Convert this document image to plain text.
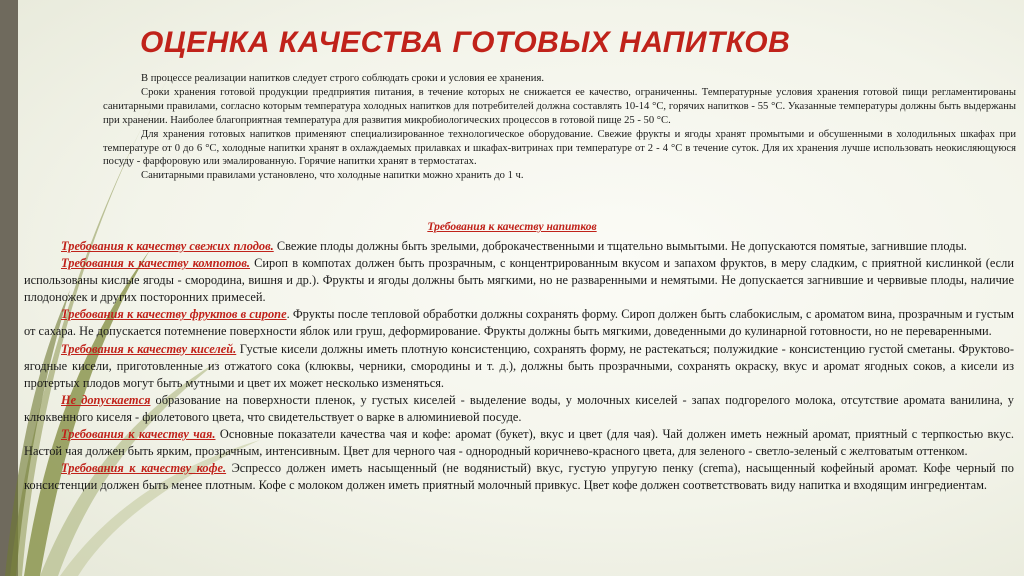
ОЦЕНКА КАЧЕСТВА ГОТОВЫХ НАПИТКОВ

В процессе реализации напитков следует строго соблюдать сроки и условия ее хранения.

Сроки хранения готовой продукции предприятия питания, в течение которых не снижается ее качество, ограниченны. Температурные условия хранения готовой пищи регламентированы санитарными правилами, согласно которым температура холодных напитков для потребителей должна составлять 10-14 °С, горячих напитков - 55 °С. Указанные температуры должны быть выдержаны при хранении. Наиболее благоприятная температура для развития микробиологических процессов в готовой пище 25 - 50 °С.

Для хранения готовых напитков применяют специализированное технологическое оборудование. Свежие фрукты и ягоды хранят промытыми и обсушенными в холодильных шкафах при температуре от 0 до 6 °С, холодные напитки хранят в охлаждаемых прилавках и шкафах-витринах при температуре от 2 - 4 °С в течение суток. Для их хранения лучше использовать неокисляющуюся посуду - фарфоровую или эмалированную. Горячие напитки хранят в термостатах.

Санитарными правилами установлено, что холодные напитки можно хранить до 1 ч.

Требования к качеству напитков

Требования к качеству свежих плодов. Свежие плоды должны быть зрелыми, доброкачественными и тщательно вымытыми. Не допускаются помятые, загнившие плоды.

Требования к качеству компотов. Сироп в компотах должен быть прозрачным, с концентрированным вкусом и запахом фруктов, в меру сладким, с приятной кислинкой (если использованы кислые ягоды - смородина, вишня и др.). Фрукты и ягоды должны быть мягкими, но не разваренными и немятыми. Не допускается загнившие и червивые плоды, наличие плодоножек и других посторонних примесей.

Требования к качеству фруктов в сиропе. Фрукты после тепловой обработки должны сохранять форму. Сироп должен быть слабокислым, с ароматом вина, прозрачным и густым от сахара. Не допускается потемнение поверхности яблок или груш, деформирование. Фрукты должны быть мягкими, доведенными до кулинарной готовности, но не переваренными.

Требования к качеству киселей. Густые кисели должны иметь плотную консистенцию, сохранять форму, не растекаться; полужидкие - консистенцию густой сметаны. Фруктово-ягодные кисели, приготовленные из отжатого сока (клюквы, черники, смородины и т. д.), должны быть прозрачными, сохранять окраску, вкус и аромат ягодных соков, а кисели из протертых плодов могут быть мутными и цвет их может несколько изменяться.

Не допускается образование на поверхности пленок, у густых киселей - выделение воды, у молочных киселей - запах подгорелого молока, отсутствие аромата ванилина, у клюквенного киселя - фиолетового цвета, что свидетельствует о варке в алюминиевой посуде.

Требования к качеству чая. Основные показатели качества чая и кофе: аромат (букет), вкус и цвет (для чая). Чай должен иметь нежный аромат, приятный с терпкостью вкус. Настой чая должен быть ярким, прозрачным, интенсивным. Цвет для черного чая - однородный коричнево-красного цвета, для зеленого - светло-зеленый с желтоватым оттенком.

Требования к качеству кофе. Эспрессо должен иметь насыщенный (не водянистый) вкус, густую упругую пенку (crema), насыщенный кофейный аромат. Кофе черный по консистенции должен быть менее плотным. Кофе с молоком должен иметь приятный молочный привкус. Цвет кофе должен соответствовать виду напитка и входящим ингредиентам.
